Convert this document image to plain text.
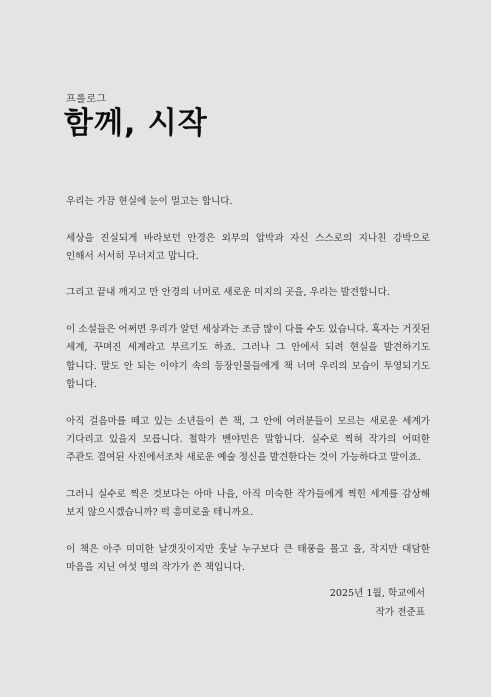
프롤로그
함께, 시작

우리는 가끔 현실에 눈이 멀고는 합니다.

세상을 진실되게 바라보던 안경은 외부의 압박과 자신 스스로의 지나친 강박으로 인해서 서서히 무너지고 맙니다.

그리고 끝내 깨지고 만 안경의 너머로 새로운 미지의 곳을, 우리는 발견합니다.

이 소설들은 어쩌면 우리가 알던 세상과는 조금 많이 다를 수도 있습니다. 혹자는 거짓된 세계, 꾸며진 세계라고 부르기도 하죠. 그러나 그 안에서 되려 현실을 발견하기도 합니다. 말도 안 되는 이야기 속의 등장인물들에게 책 너머 우리의 모습이 투영되기도 합니다.

아직 걸음마를 떼고 있는 소년들이 쓴 책, 그 안에 여러분들이 모르는 새로운 세계가 기다리고 있을지 모릅니다. 철학가 벤야민은 말합니다. 실수로 찍혀 작가의 어떠한 주관도 결여된 사진에서조차 새로운 예술 정신을 발견한다는 것이 가능하다고 말이죠.

그러니 실수로 찍은 것보다는 아마 나을, 아직 미숙한 작가들에게 찍힌 세계를 감상해 보지 않으시겠습니까? 퍽 흥미로울 테니까요.

이 책은 아주 미미한 날갯짓이지만 훗날 누구보다 큰 태풍을 몰고 올, 작지만 대담한 마음을 지닌 여섯 명의 작가가 쓴 책입니다.

2025년 1월, 학교에서
작가 전준표
